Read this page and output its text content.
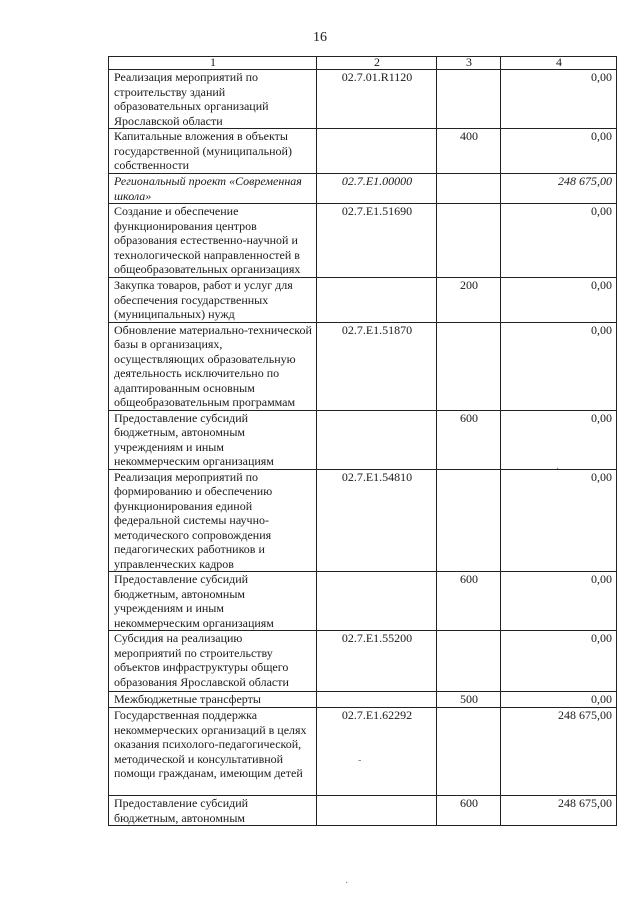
16
1	2	3	4
Реализация мероприятий по строительству зданий образовательных организаций Ярославской области	02.7.01.R1120		0,00
Капитальные вложения в объекты государственной (муниципальной) собственности		400	0,00
Региональный проект «Современная школа»	02.7.E1.00000		248 675,00
Создание и обеспечение функционирования центров образования естественно-научной и технологической направленностей в общеобразовательных организациях	02.7.E1.51690		0,00
Закупка товаров, работ и услуг для обеспечения государственных (муниципальных) нужд		200	0,00
Обновление материально-технической базы в организациях, осуществляющих образовательную деятельность исключительно по адаптированным основным общеобразовательным программам	02.7.E1.51870		0,00
Предоставление субсидий бюджетным, автономным учреждениям и иным некоммерческим организациям		600	0,00
Реализация мероприятий по формированию и обеспечению функционирования единой федеральной системы научно-методического сопровождения педагогических работников и управленческих кадров	02.7.E1.54810		0,00
Предоставление субсидий бюджетным, автономным учреждениям и иным некоммерческим организациям		600	0,00
Субсидия на реализацию мероприятий по строительству объектов инфраструктуры общего образования Ярославской области	02.7.E1.55200		0,00
Межбюджетные трансферты		500	0,00
Государственная поддержка некоммерческих организаций в целях оказания психолого-педагогической, методической и консультативной помощи гражданам, имеющим детей	02.7.E1.62292		248 675,00
Предоставление субсидий бюджетным, автономным		600	248 675,00
·
-
·
